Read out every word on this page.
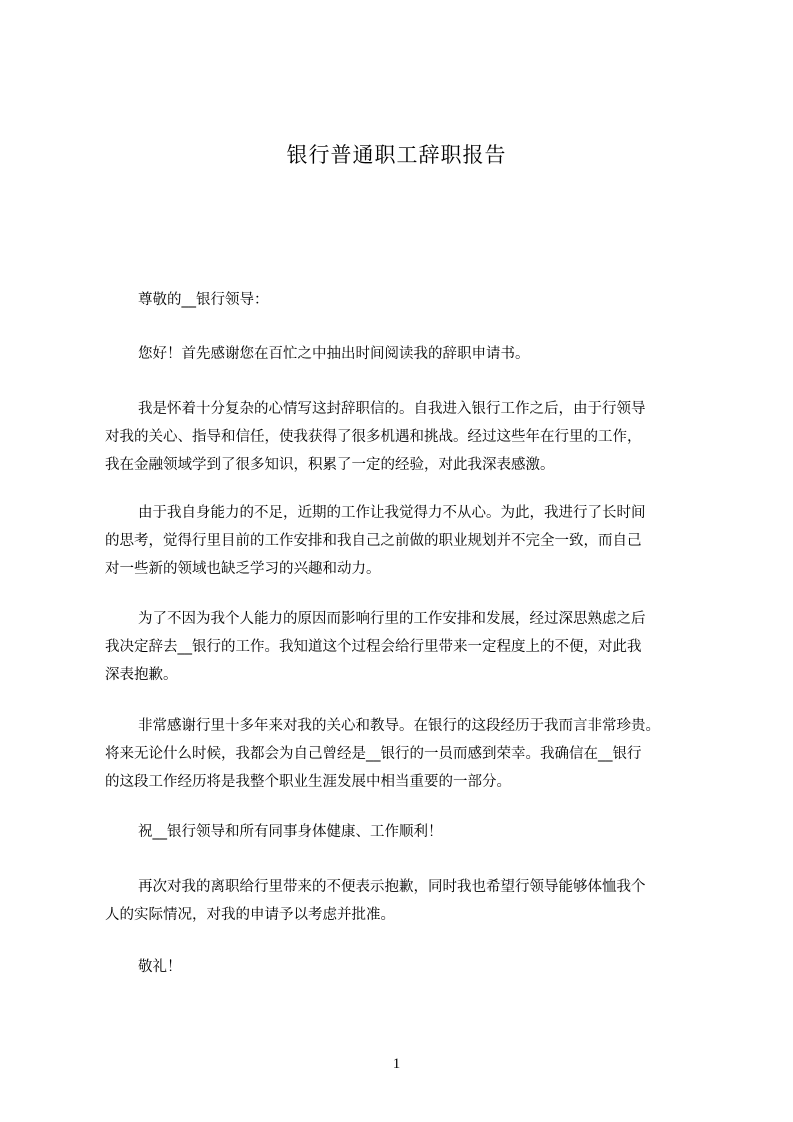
银行普通职工辞职报告
尊敬的__银行领导：
您好！首先感谢您在百忙之中抽出时间阅读我的辞职申请书。
我是怀着十分复杂的心情写这封辞职信的。自我进入银行工作之后，由于行领导
对我的关心、指导和信任，使我获得了很多机遇和挑战。经过这些年在行里的工作，
我在金融领域学到了很多知识，积累了一定的经验，对此我深表感激。
由于我自身能力的不足，近期的工作让我觉得力不从心。为此，我进行了长时间
的思考，觉得行里目前的工作安排和我自己之前做的职业规划并不完全一致，而自己
对一些新的领域也缺乏学习的兴趣和动力。
为了不因为我个人能力的原因而影响行里的工作安排和发展，经过深思熟虑之后
我决定辞去__银行的工作。我知道这个过程会给行里带来一定程度上的不便，对此我
深表抱歉。
非常感谢行里十多年来对我的关心和教导。在银行的这段经历于我而言非常珍贵。
将来无论什么时候，我都会为自己曾经是__银行的一员而感到荣幸。我确信在__银行
的这段工作经历将是我整个职业生涯发展中相当重要的一部分。
祝__银行领导和所有同事身体健康、工作顺利！
再次对我的离职给行里带来的不便表示抱歉，同时我也希望行领导能够体恤我个
人的实际情况，对我的申请予以考虑并批准。
敬礼！
1
